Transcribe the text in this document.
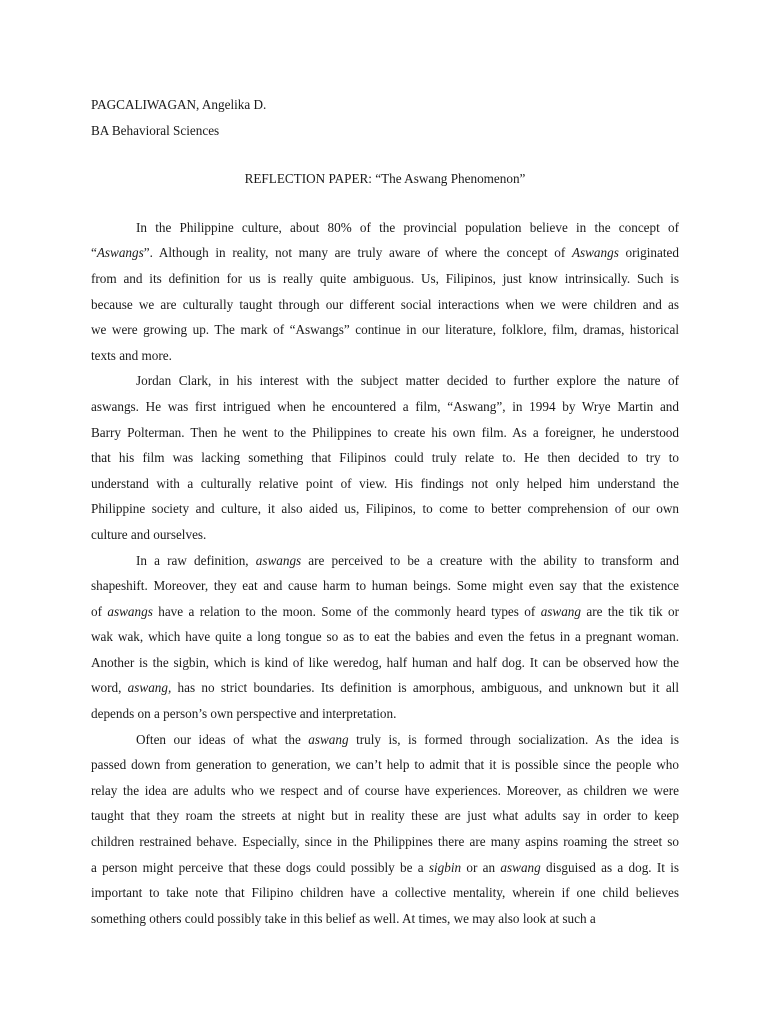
PAGCALIWAGAN, Angelika D.
BA Behavioral Sciences
REFLECTION PAPER: “The Aswang Phenomenon”
In the Philippine culture, about 80% of the provincial population believe in the concept of
“Aswangs”. Although in reality, not many are truly aware of where the concept of Aswangs originated
from and its definition for us is really quite ambiguous. Us, Filipinos, just know intrinsically. Such is
because we are culturally taught through our different social interactions when we were children and as
we were growing up. The mark of “Aswangs” continue in our literature, folklore, film, dramas, historical
texts and more.
Jordan Clark, in his interest with the subject matter decided to further explore the nature of
aswangs. He was first intrigued when he encountered a film, “Aswang”, in 1994 by Wrye Martin and
Barry Polterman. Then he went to the Philippines to create his own film. As a foreigner, he understood
that his film was lacking something that Filipinos could truly relate to. He then decided to try to
understand with a culturally relative point of view. His findings not only helped him understand the
Philippine society and culture, it also aided us, Filipinos, to come to better comprehension of our own
culture and ourselves.
In a raw definition, aswangs are perceived to be a creature with the ability to transform and
shapeshift. Moreover, they eat and cause harm to human beings. Some might even say that the existence
of aswangs have a relation to the moon. Some of the commonly heard types of aswang are the tik tik or
wak wak, which have quite a long tongue so as to eat the babies and even the fetus in a pregnant woman.
Another is the sigbin, which is kind of like weredog, half human and half dog. It can be observed how the
word, aswang, has no strict boundaries. Its definition is amorphous, ambiguous, and unknown but it all
depends on a person’s own perspective and interpretation.
Often our ideas of what the aswang truly is, is formed through socialization. As the idea is
passed down from generation to generation, we can’t help to admit that it is possible since the people who
relay the idea are adults who we respect and of course have experiences. Moreover, as children we were
taught that they roam the streets at night but in reality these are just what adults say in order to keep
children restrained behave. Especially, since in the Philippines there are many aspins roaming the street so
a person might perceive that these dogs could possibly be a sigbin or an aswang disguised as a dog. It is
important to take note that Filipino children have a collective mentality, wherein if one child believes
something others could possibly take in this belief as well. At times, we may also look at such a
